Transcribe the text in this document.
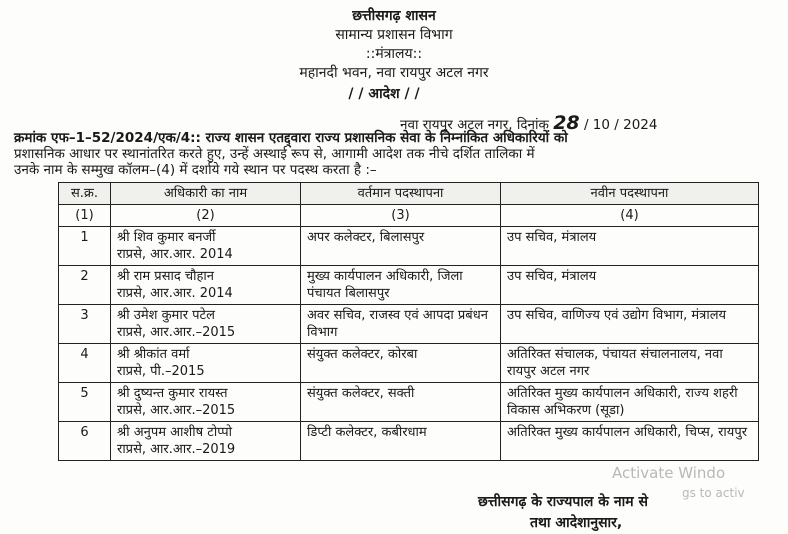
छत्तीसगढ़ शासन
सामान्य प्रशासन विभाग
::मंत्रालय::
महानदी भवन, नवा रायपुर अटल नगर
/ / आदेश / /
नवा रायपुर अटल नगर, दिनांक 28 / 10 / 2024
क्रमांक एफ–1–52/2024/एक/4:: राज्य शासन एतद्द्वारा राज्य प्रशासनिक सेवा के निम्नांकित अधिकारियों को
प्रशासनिक आधार पर स्थानांतरित करते हुए, उन्हें अस्थाई रूप से, आगामी आदेश तक नीचे दर्शित तालिका में
उनके नाम के सम्मुख कॉलम–(4) में दर्शाये गये स्थान पर पदस्थ करता है :–
स.क्र.	अधिकारी का नाम	वर्तमान पदस्थापना	नवीन पदस्थापना
(1)	(2)	(3)	(4)
1	श्री शिव कुमार बनर्जी
राप्रसे, आर.आर. 2014	अपर कलेक्टर, बिलासपुर	उप सचिव, मंत्रालय
2	श्री राम प्रसाद चौहान
राप्रसे, आर.आर. 2014	मुख्य कार्यपालन अधिकारी, जिला पंचायत बिलासपुर	उप सचिव, मंत्रालय
3	श्री उमेश कुमार पटेल
राप्रसे, आर.आर.–2015	अवर सचिव, राजस्व एवं आपदा प्रबंधन विभाग	उप सचिव, वाणिज्य एवं उद्योग विभाग, मंत्रालय
4	श्री श्रीकांत वर्मा
राप्रसे, पी.–2015	संयुक्त कलेक्टर, कोरबा	अतिरिक्त संचालक, पंचायत संचालनालय, नवा रायपुर अटल नगर
5	श्री दुष्यन्त कुमार रायस्त
राप्रसे, आर.आर.–2015	संयुक्त कलेक्टर, सक्ती	अतिरिक्त मुख्य कार्यपालन अधिकारी, राज्य शहरी विकास अभिकरण (सूडा)
6	श्री अनुपम आशीष टोप्पो
राप्रसे, आर.आर.–2019	डिप्टी कलेक्टर, कबीरधाम	अतिरिक्त मुख्य कार्यपालन अधिकारी, चिप्स, रायपुर
Activate Windo
gs to activ
छत्तीसगढ़ के राज्यपाल के नाम से
तथा आदेशानुसार,
